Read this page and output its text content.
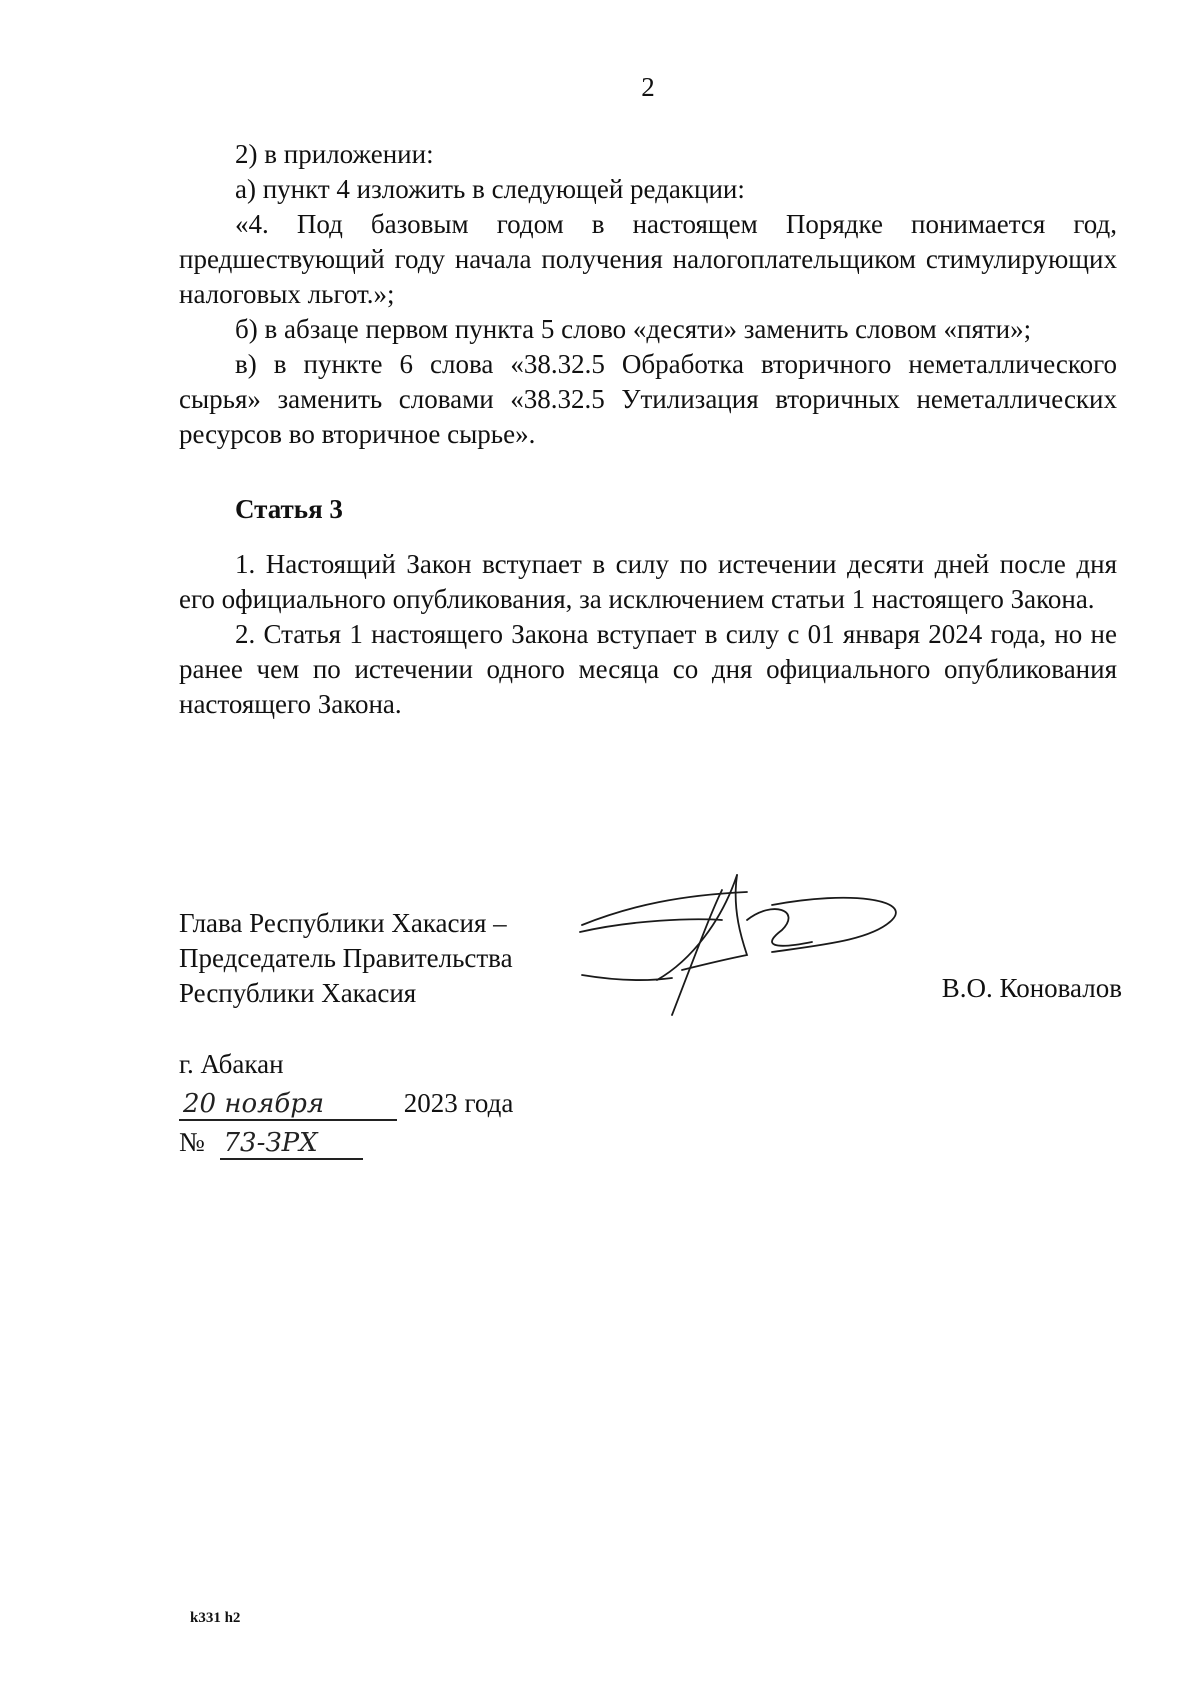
2

2) в приложении:

а) пункт 4 изложить в следующей редакции:

«4. Под базовым годом в настоящем Порядке понимается год, предшествующий году начала получения налогоплательщиком стимулирующих налоговых льгот.»;

б) в абзаце первом пункта 5 слово «десяти» заменить словом «пяти»;

в) в пункте 6 слова «38.32.5 Обработка вторичного неметаллического сырья» заменить словами «38.32.5 Утилизация вторичных неметаллических ресурсов во вторичное сырье».

Статья 3

1. Настоящий Закон вступает в силу по истечении десяти дней после дня его официального опубликования, за исключением статьи 1 настоящего Закона.

2. Статья 1 настоящего Закона вступает в силу с 01 января 2024 года, но не ранее чем по истечении одного месяца со дня официального опубликования настоящего Закона.

Глава Республики Хакасия –
Председатель Правительства
Республики Хакасия	В.О. Коновалов
г. Абакан
20 ноября	2023 года
№ 73-ЗРХ
k331 h2
